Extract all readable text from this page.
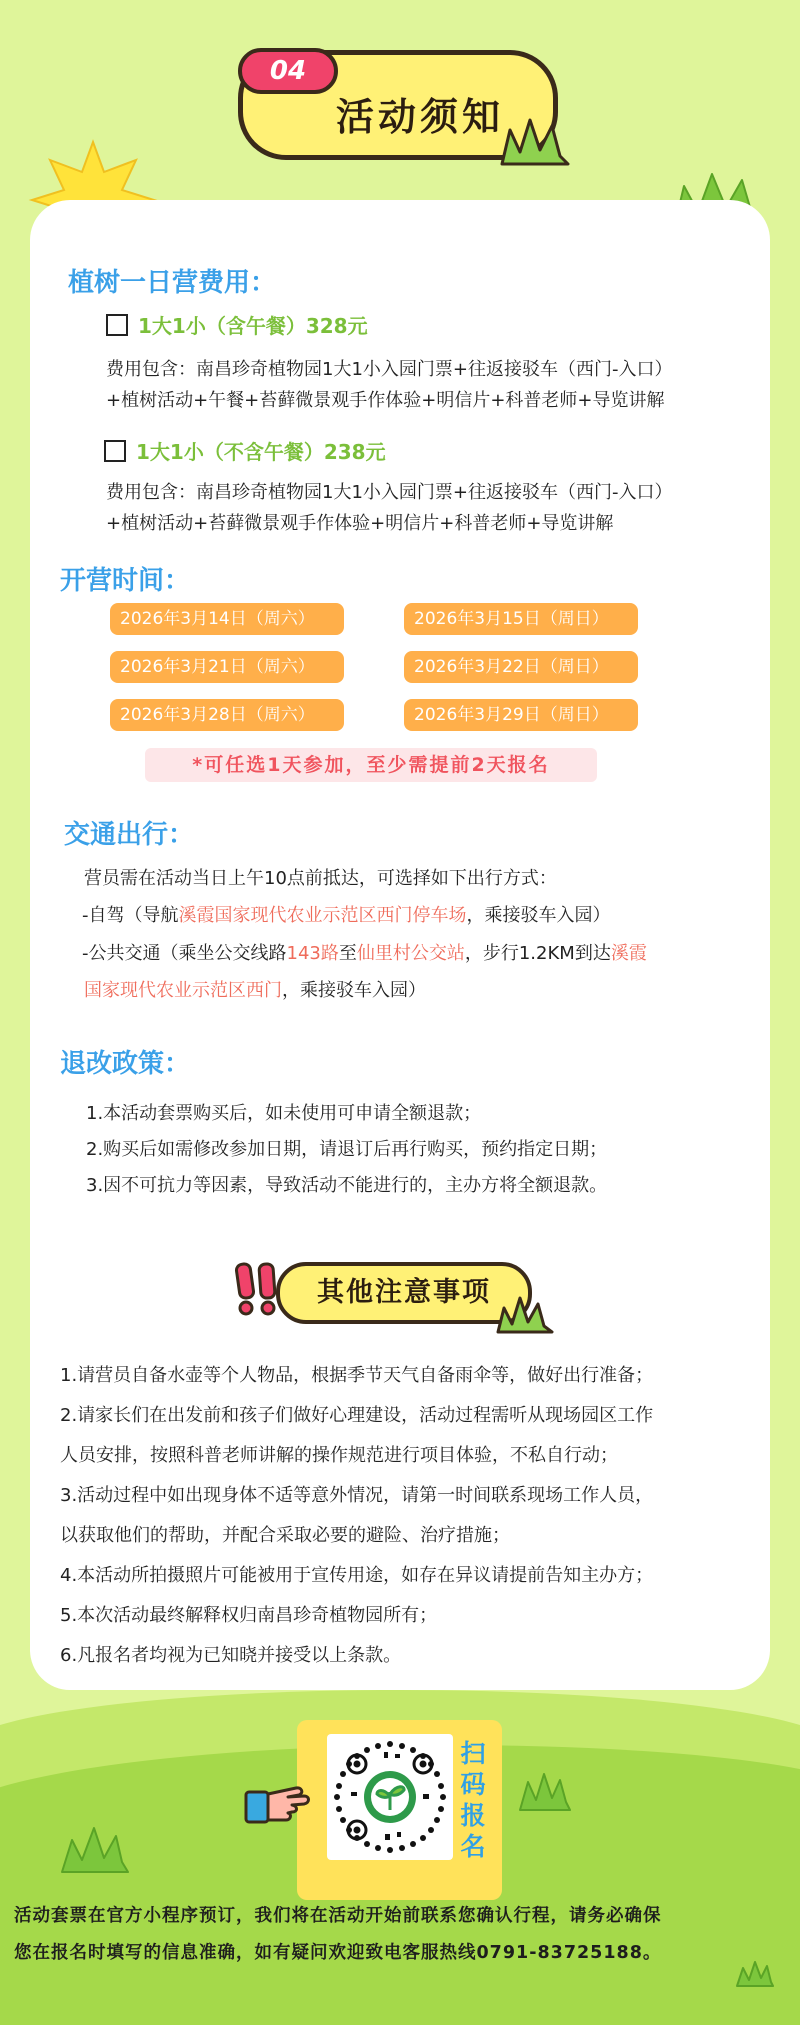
04
活动须知
植树一日营费用：
1大1小（含午餐）328元
费用包含：南昌珍奇植物园1大1小入园门票+往返接驳车（西门-入口）
+植树活动+午餐+苔藓微景观手作体验+明信片+科普老师+导览讲解
1大1小（不含午餐）238元
费用包含：南昌珍奇植物园1大1小入园门票+往返接驳车（西门-入口）
+植树活动+苔藓微景观手作体验+明信片+科普老师+导览讲解
开营时间：
2026年3月14日（周六）	2026年3月15日（周日）
2026年3月21日（周六）	2026年3月22日（周日）
2026年3月28日（周六）	2026年3月29日（周日）
*可任选1天参加，至少需提前2天报名
交通出行：
营员需在活动当日上午10点前抵达，可选择如下出行方式：
-自驾（导航溪霞国家现代农业示范区西门停车场，乘接驳车入园）
-公共交通（乘坐公交线路143路至仙里村公交站，步行1.2KM到达溪霞
国家现代农业示范区西门，乘接驳车入园）
退改政策：
1.本活动套票购买后，如未使用可申请全额退款；
2.购买后如需修改参加日期，请退订后再行购买，预约指定日期；
3.因不可抗力等因素，导致活动不能进行的，主办方将全额退款。
其他注意事项
1.请营员自备水壶等个人物品，根据季节天气自备雨伞等，做好出行准备；
2.请家长们在出发前和孩子们做好心理建设，活动过程需听从现场园区工作
人员安排，按照科普老师讲解的操作规范进行项目体验，不私自行动；
3.活动过程中如出现身体不适等意外情况，请第一时间联系现场工作人员，
以获取他们的帮助，并配合采取必要的避险、治疗措施；
4.本活动所拍摄照片可能被用于宣传用途，如存在异议请提前告知主办方；
5.本次活动最终解释权归南昌珍奇植物园所有；
6.凡报名者均视为已知晓并接受以上条款。
扫码报名
活动套票在官方小程序预订，我们将在活动开始前联系您确认行程，请务必确保
您在报名时填写的信息准确，如有疑问欢迎致电客服热线0791-83725188。
